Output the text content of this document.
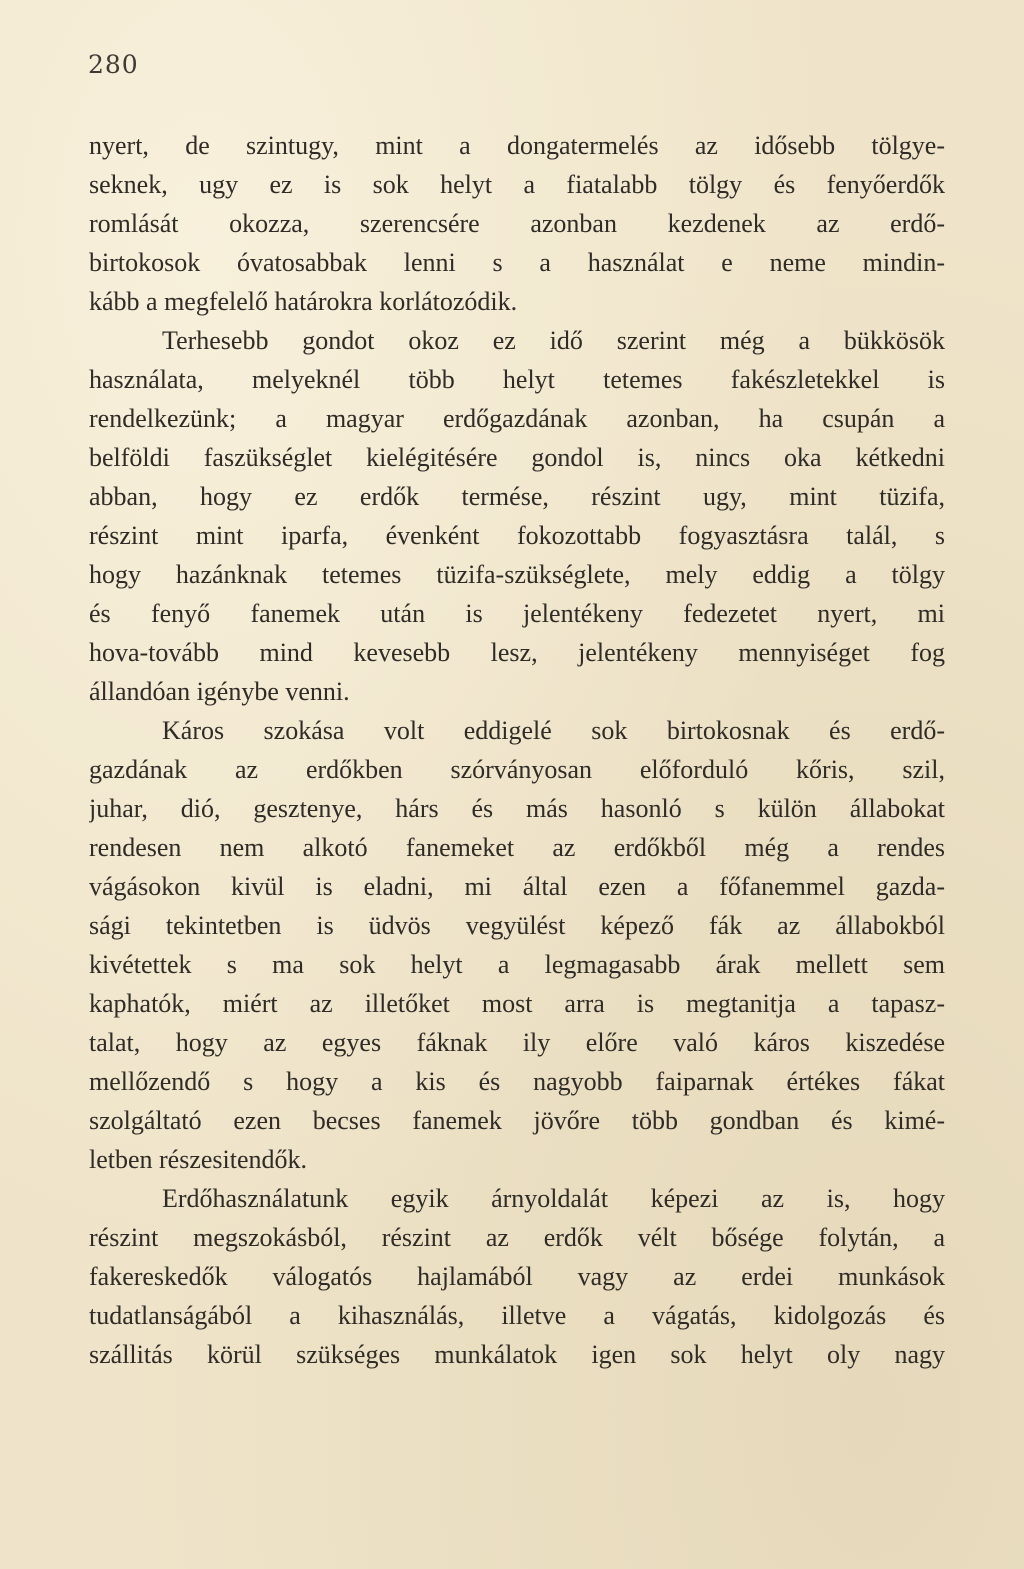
280
nyert, de szintugy, mint a dongatermelés az idősebb tölgye-
seknek, ugy ez is sok helyt a fiatalabb tölgy és fenyőerdők
romlását okozza, szerencsére azonban kezdenek az erdő-
birtokosok óvatosabbak lenni s a használat e neme mindin-
kább a megfelelő határokra korlátozódik.
Terhesebb gondot okoz ez idő szerint még a bükkösök
használata, melyeknél több helyt tetemes fakészletekkel is
rendelkezünk; a magyar erdőgazdának azonban, ha csupán a
belföldi faszükséglet kielégitésére gondol is, nincs oka kétkedni
abban, hogy ez erdők termése, részint ugy, mint tüzifa,
részint mint iparfa, évenként fokozottabb fogyasztásra talál, s
hogy hazánknak tetemes tüzifa-szükséglete, mely eddig a tölgy
és fenyő fanemek után is jelentékeny fedezetet nyert, mi
hova-tovább mind kevesebb lesz, jelentékeny mennyiséget fog
állandóan igénybe venni.
Káros szokása volt eddigelé sok birtokosnak és erdő-
gazdának az erdőkben szórványosan előforduló kőris, szil,
juhar, dió, gesztenye, hárs és más hasonló s külön állabokat
rendesen nem alkotó fanemeket az erdőkből még a rendes
vágásokon kivül is eladni, mi által ezen a főfanemmel gazda-
sági tekintetben is üdvös vegyülést képező fák az állabokból
kivétettek s ma sok helyt a legmagasabb árak mellett sem
kaphatók, miért az illetőket most arra is megtanitja a tapasz-
talat, hogy az egyes fáknak ily előre való káros kiszedése
mellőzendő s hogy a kis és nagyobb faiparnak értékes fákat
szolgáltató ezen becses fanemek jövőre több gondban és kimé-
letben részesitendők.
Erdőhasználatunk egyik árnyoldalát képezi az is, hogy
részint megszokásból, részint az erdők vélt bősége folytán, a
fakereskedők válogatós hajlamából vagy az erdei munkások
tudatlanságából a kihasználás, illetve a vágatás, kidolgozás és
szállitás körül szükséges munkálatok igen sok helyt oly nagy
